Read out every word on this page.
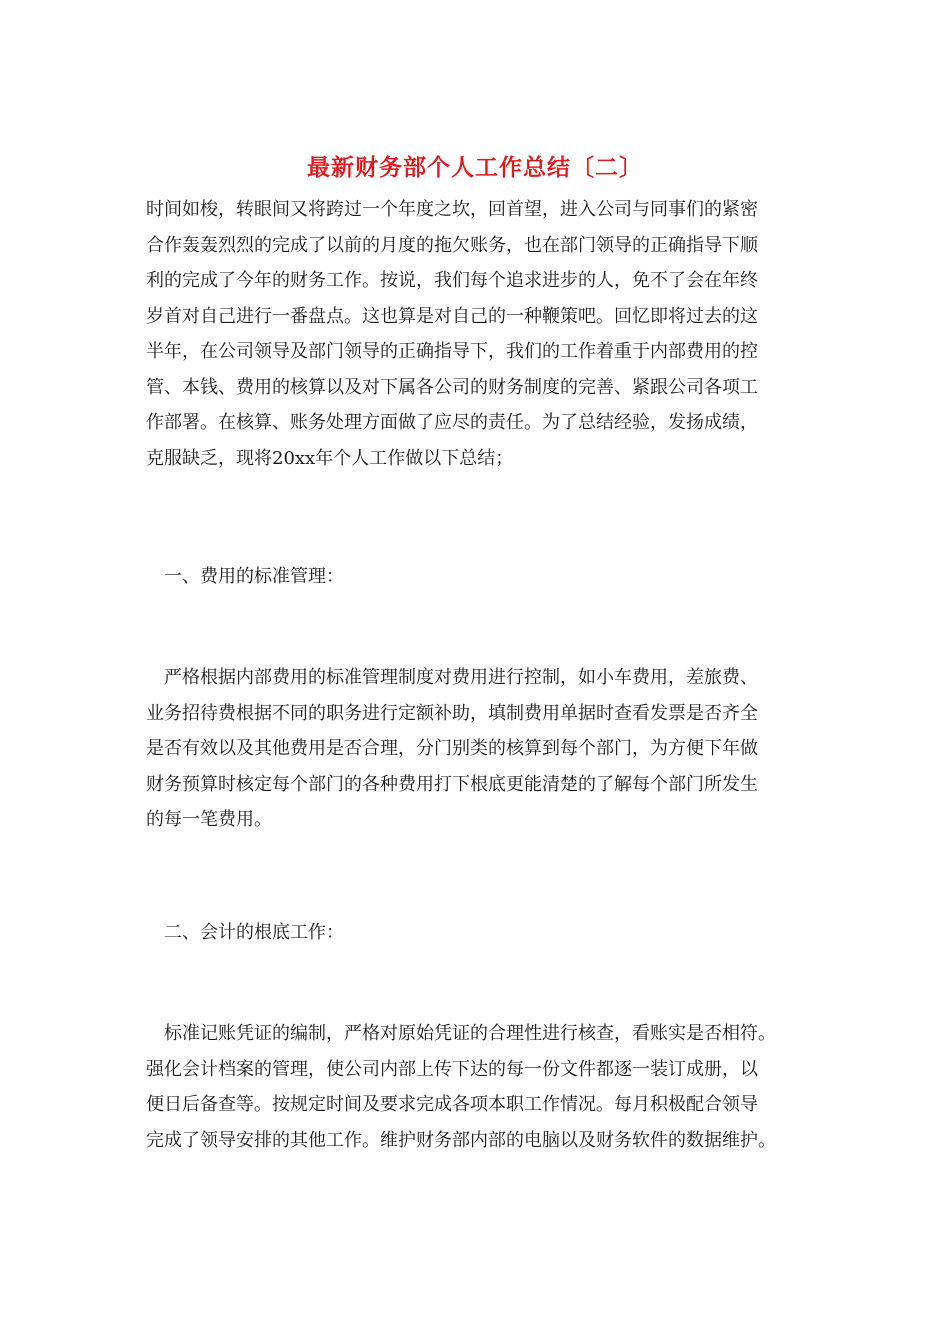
最新财务部个人工作总结〔二〕
时间如梭，转眼间又将跨过一个年度之坎，回首望，进入公司与同事们的紧密
合作轰轰烈烈的完成了以前的月度的拖欠账务，也在部门领导的正确指导下顺
利的完成了今年的财务工作。按说，我们每个追求进步的人，免不了会在年终
岁首对自己进行一番盘点。这也算是对自己的一种鞭策吧。回忆即将过去的这
半年，在公司领导及部门领导的正确指导下，我们的工作着重于内部费用的控
管、本钱、费用的核算以及对下属各公司的财务制度的完善、紧跟公司各项工
作部署。在核算、账务处理方面做了应尽的责任。为了总结经验，发扬成绩，
克服缺乏，现将20xx年个人工作做以下总结；
一、费用的标准管理：
　严格根据内部费用的标准管理制度对费用进行控制，如小车费用，差旅费、
业务招待费根据不同的职务进行定额补助，填制费用单据时查看发票是否齐全
是否有效以及其他费用是否合理，分门别类的核算到每个部门，为方便下年做
财务预算时核定每个部门的各种费用打下根底更能清楚的了解每个部门所发生
的每一笔费用。
二、会计的根底工作：
　标准记账凭证的编制，严格对原始凭证的合理性进行核查，看账实是否相符。
强化会计档案的管理，使公司内部上传下达的每一份文件都逐一装订成册，以
便日后备查等。按规定时间及要求完成各项本职工作情况。每月积极配合领导
完成了领导安排的其他工作。维护财务部内部的电脑以及财务软件的数据维护。
